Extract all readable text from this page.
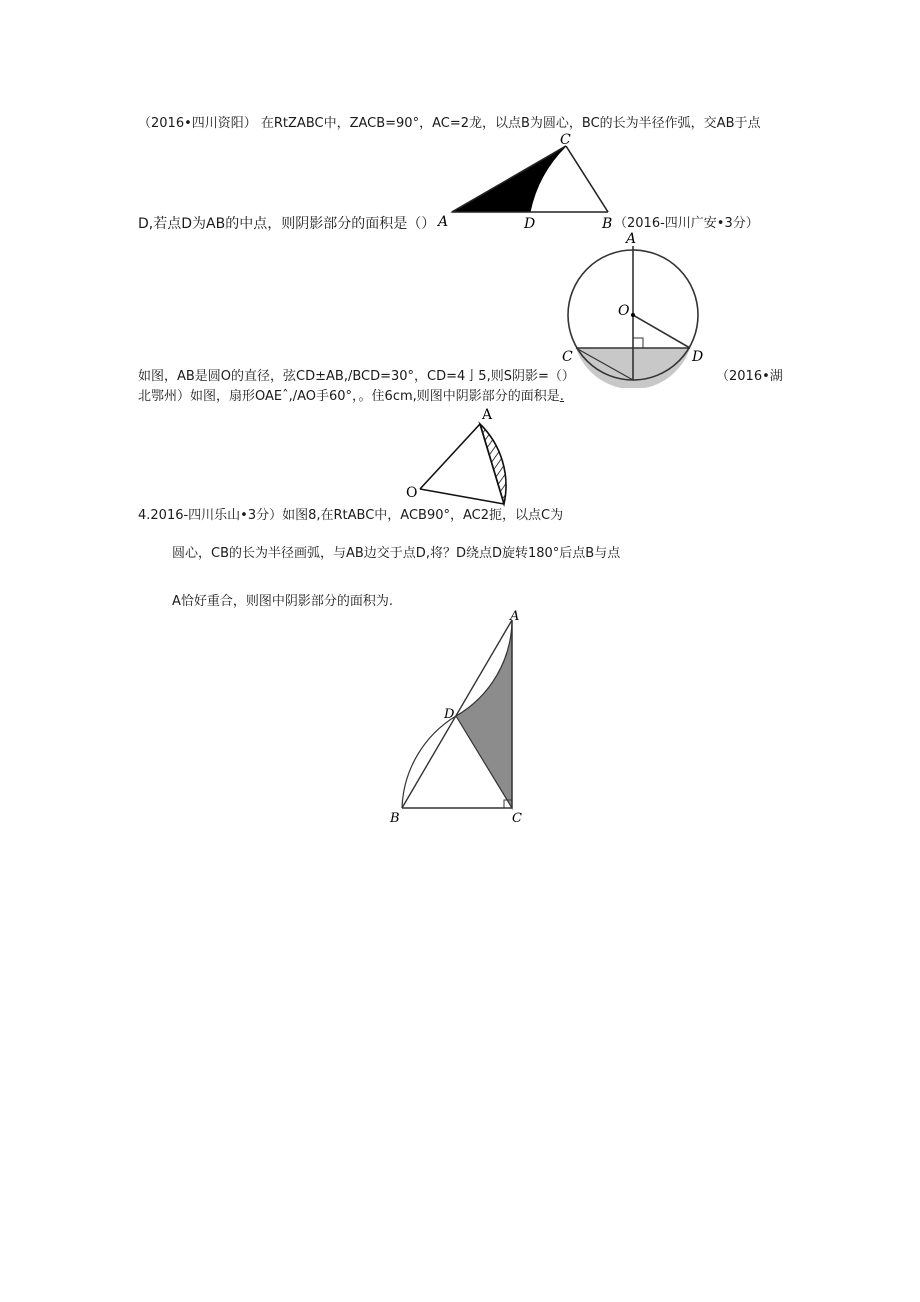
（2016•四川资阳） 在RtZABC中，ZACB=90°，AC=2龙，以点B为圆心，BC的长为半径作弧，交AB于点
A
C
D	B
D,若点D为AB的中点，则阴影部分的面积是（）	（2016-四川广安•3分）
A
O
C	D
如图，AB是圆O的直径，弦CD±AB,/BCD=30°，CD=4亅5,则S阴影=（）	（2016•湖
北鄂州）如图，扇形OAEˆ,/AO手60°，。住6cm,则图中阴影部分的面积是.
A
O
4.2016-四川乐山•3分）如图8,在RtABC中，ACB90°，AC2扼，以点C为
圆心，CB的长为半径画弧，与AB边交于点D,将？D绕点D旋转180°后点B与点
A恰好重合，则图中阴影部分的面积为.
A
D
B	C
